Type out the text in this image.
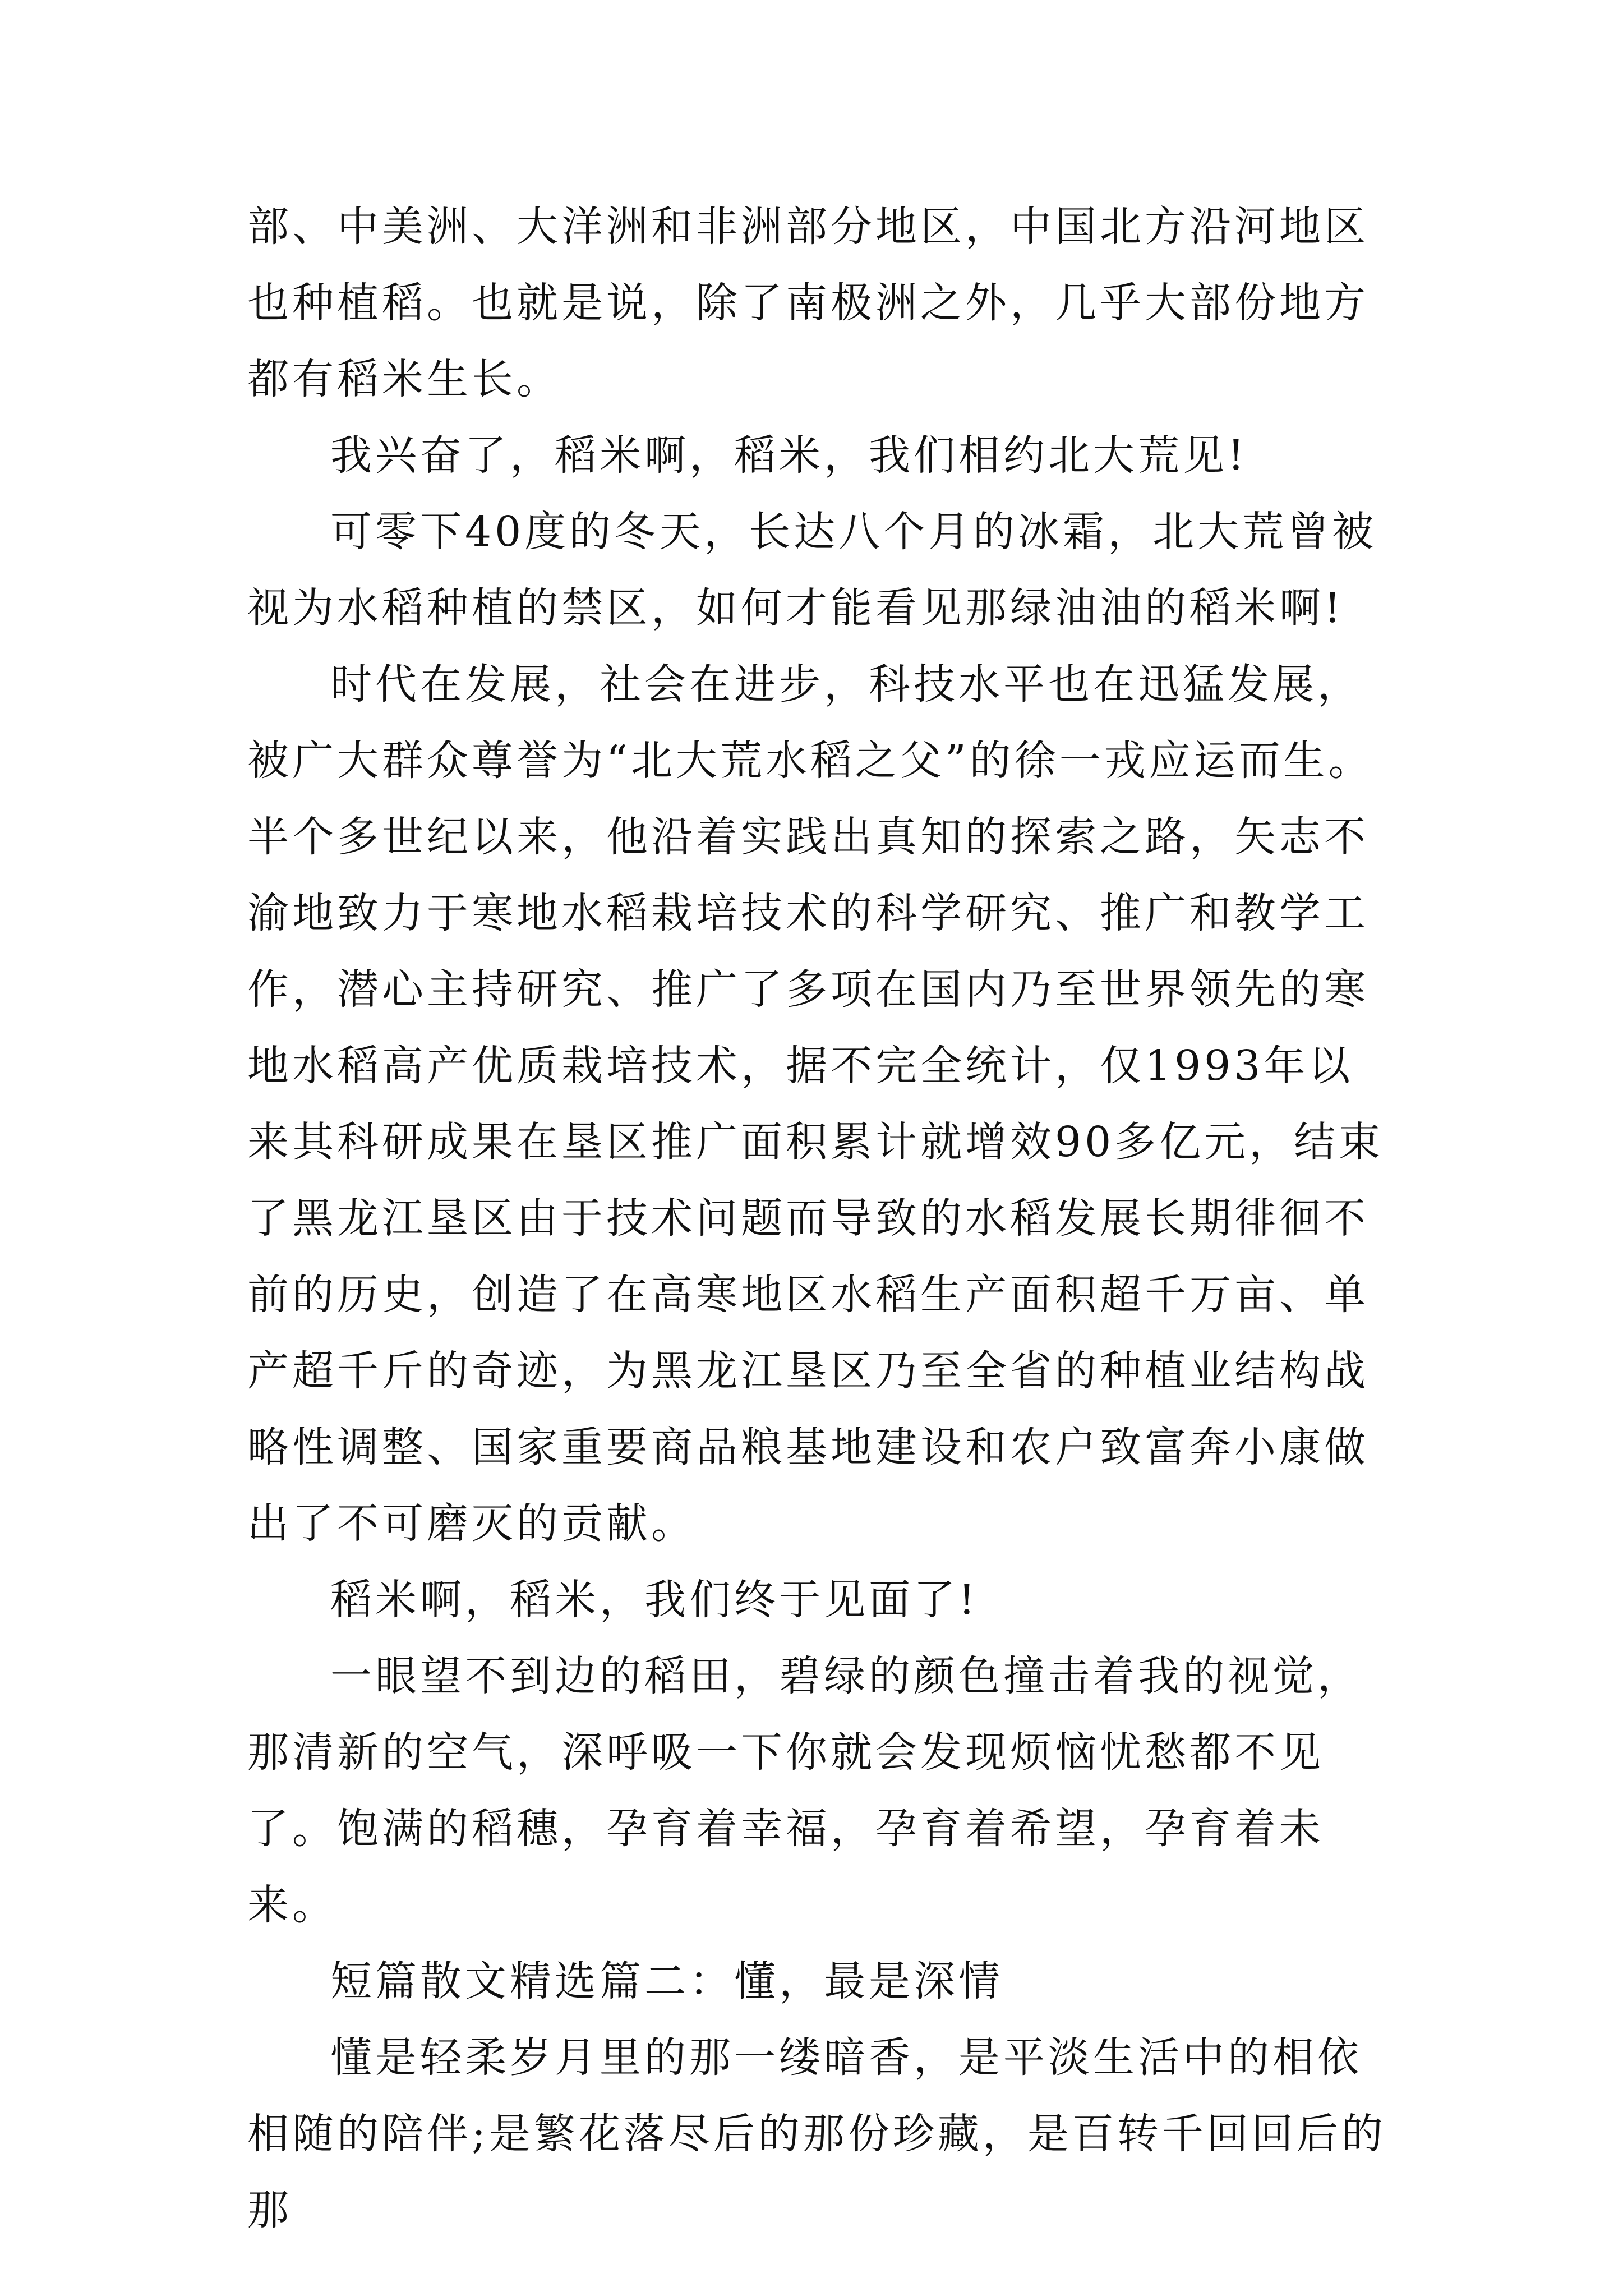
部、中美洲、大洋洲和非洲部分地区，中国北方沿河地区也种植稻。也就是说，除了南极洲之外，几乎大部份地方都有稻米生长。

我兴奋了，稻米啊，稻米，我们相约北大荒见!

可零下40度的冬天，长达八个月的冰霜，北大荒曾被视为水稻种植的禁区，如何才能看见那绿油油的稻米啊!

时代在发展，社会在进步，科技水平也在迅猛发展，被广大群众尊誉为“北大荒水稻之父”的徐一戎应运而生。半个多世纪以来，他沿着实践出真知的探索之路，矢志不渝地致力于寒地水稻栽培技术的科学研究、推广和教学工作，潜心主持研究、推广了多项在国内乃至世界领先的寒地水稻高产优质栽培技术，据不完全统计，仅1993年以来其科研成果在垦区推广面积累计就增效90多亿元，结束了黑龙江垦区由于技术问题而导致的水稻发展长期徘徊不前的历史，创造了在高寒地区水稻生产面积超千万亩、单产超千斤的奇迹，为黑龙江垦区乃至全省的种植业结构战略性调整、国家重要商品粮基地建设和农户致富奔小康做出了不可磨灭的贡献。

稻米啊，稻米，我们终于见面了!

一眼望不到边的稻田，碧绿的颜色撞击着我的视觉，那清新的空气，深呼吸一下你就会发现烦恼忧愁都不见了。饱满的稻穗，孕育着幸福，孕育着希望，孕育着未来。

短篇散文精选篇二：懂，最是深情

懂是轻柔岁月里的那一缕暗香，是平淡生活中的相依相随的陪伴;是繁花落尽后的那份珍藏，是百转千回回后的那
